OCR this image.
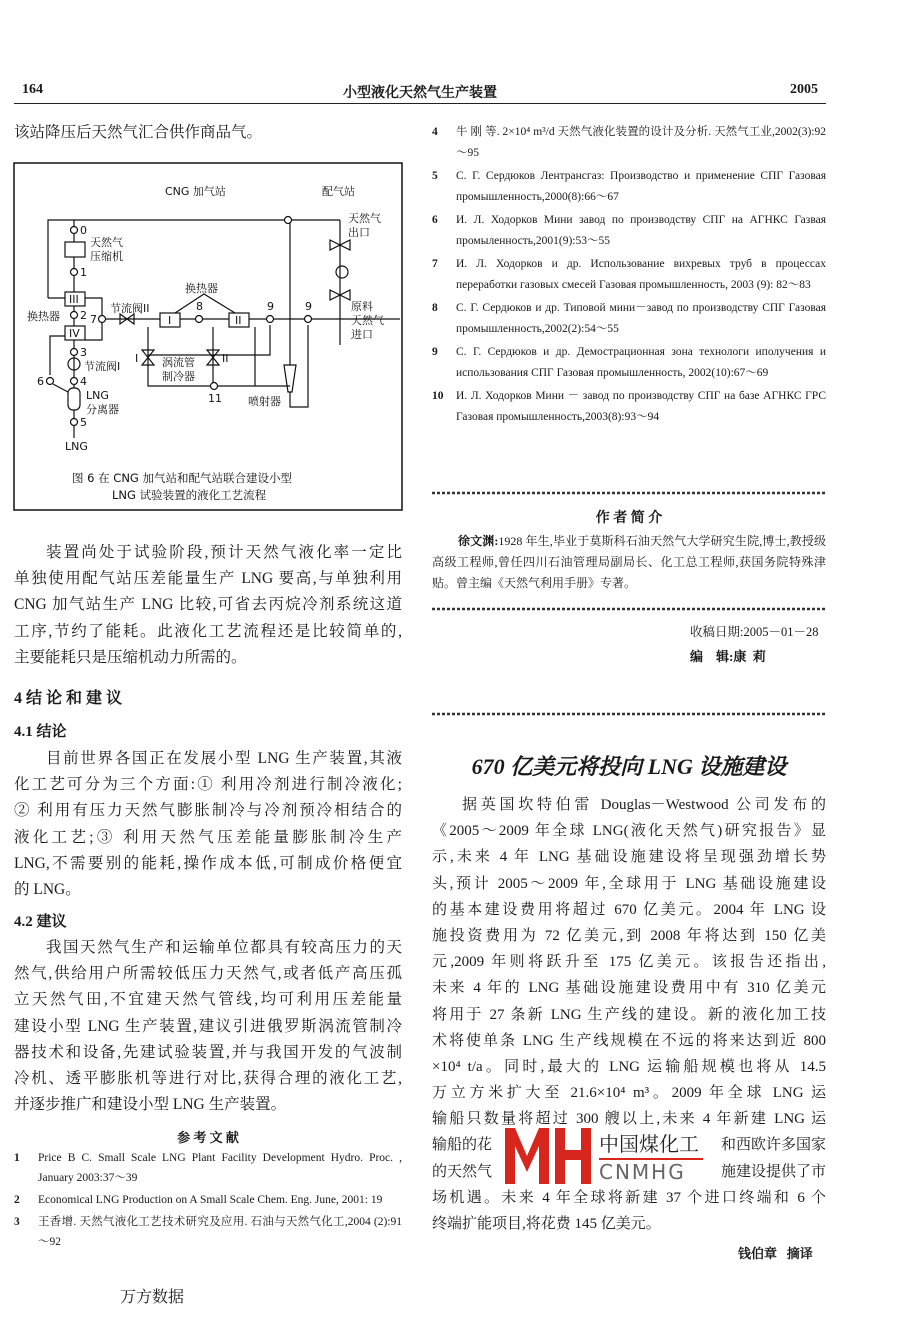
164	小型液化天然气生产装置	2005
该站降压后天然气汇合供作商品气。
CNG 加气站	配气站
天然气
出口
天然气
压缩机
换热器
换热器
节流阀II
节流阀I
LNG
分离器
LNG
原料
天然气
进口
涡流管
制冷器
喷射器
III
IV
I	II
I	II
0
1
2
3
4
5
6
7
8	9	9
11
图 6 在 CNG 加气站和配气站联合建设小型
LNG 试验装置的液化工艺流程
装置尚处于试验阶段,预计天然气液化率一定比
单独使用配气站压差能量生产 LNG 要高,与单独利用
CNG 加气站生产 LNG 比较,可省去丙烷冷剂系统这道
工序,节约了能耗。此液化工艺流程还是比较简单的,
主要能耗只是压缩机动力所需的。
4 结 论 和 建 议
4.1 结论
目前世界各国正在发展小型 LNG 生产装置,其液
化工艺可分为三个方面:① 利用冷剂进行制冷液化;
② 利用有压力天然气膨胀制冷与冷剂预冷相结合的
液化工艺;③ 利用天然气压差能量膨胀制冷生产
LNG,不需要别的能耗,操作成本低,可制成价格便宜
的 LNG。
4.2 建议
我国天然气生产和运输单位都具有较高压力的天
然气,供给用户所需较低压力天然气,或者低产高压孤
立天然气田,不宜建天然气管线,均可利用压差能量
建设小型 LNG 生产装置,建议引进俄罗斯涡流管制冷
器技术和设备,先建试验装置,并与我国开发的气波制
冷机、透平膨胀机等进行对比,获得合理的液化工艺,
并逐步推广和建设小型 LNG 生产装置。
参 考 文 献
1	Price B C. Small Scale LNG Plant Facility Development Hydro. Proc. , January 2003:37～39
2	Economical LNG Production on A Small Scale Chem. Eng. June, 2001: 19
3	王香增. 天然气液化工艺技术研究及应用. 石油与天然气化工,2004 (2):91～92
万方数据
4	牛 刚 等. 2×10⁴ m³/d 天然气液化装置的设计及分析. 天然气工业,2002(3):92～95
5	С. Г. Сердюков Лентрансгаз: Производство и применение СПГ Газовая промышленность,2000(8):66～67
6	И. Л. Ходорков Мини завод по производству СПГ на АГНКС Газвая промыленность,2001(9):53～55
7	И. Л. Ходорков и др. Использование вихревых труб в процессах переработки газовых смесей Газовая промышленность, 2003 (9): 82～83
8	С. Г. Сердюков и др. Типовой мини－завод по производству СПГ Газовая промышленность,2002(2):54～55
9	С. Г. Сердюков и др. Демострационная зона технологи иполучения и использования СПГ Газовая промышленность, 2002(10):67～69
10	И. Л. Ходорков Мини － завод по производству СПГ на базе АГНКС ГРС Газовая промышленность,2003(8):93～94
作 者 简 介
徐文渊:1928 年生,毕业于莫斯科石油天然气大学研究生院,博士,教授级高级工程师,曾任四川石油管理局副局长、化工总工程师,获国务院特殊津贴。曾主编《天然气利用手册》专著。
收稿日期:2005－01－28
编    辑:康  莉
670 亿美元将投向 LNG 设施建设
据英国坎特伯雷 Douglas－Westwood 公司发布的
《2005～2009 年全球 LNG(液化天然气)研究报告》显
示,未来 4 年 LNG 基础设施建设将呈现强劲增长势
头,预计 2005～2009 年,全球用于 LNG 基础设施建设
的基本建设费用将超过 670 亿美元。2004 年 LNG 设
施投资费用为 72 亿美元,到 2008 年将达到 150 亿美
元,2009 年则将跃升至 175 亿美元。该报告还指出,
未来 4 年的 LNG 基础设施建设费用中有 310 亿美元
将用于 27 条新 LNG 生产线的建设。新的液化加工技
术将使单条 LNG 生产线规模在不远的将来达到近 800
×10⁴ t/a。同时,最大的 LNG 运输船规模也将从 14.5
万立方米扩大至 21.6×10⁴ m³。2009 年全球 LNG 运
输船只数量将超过 300 艘以上,未来 4 年新建 LNG 运
输船的花	和西欧许多国家
的天然气	施建设提供了市
场机遇。未来 4 年全球将新建 37 个进口终端和 6 个
终端扩能项目,将花费 145 亿美元。
中国煤化工
CNMHG
钱伯章   摘译
